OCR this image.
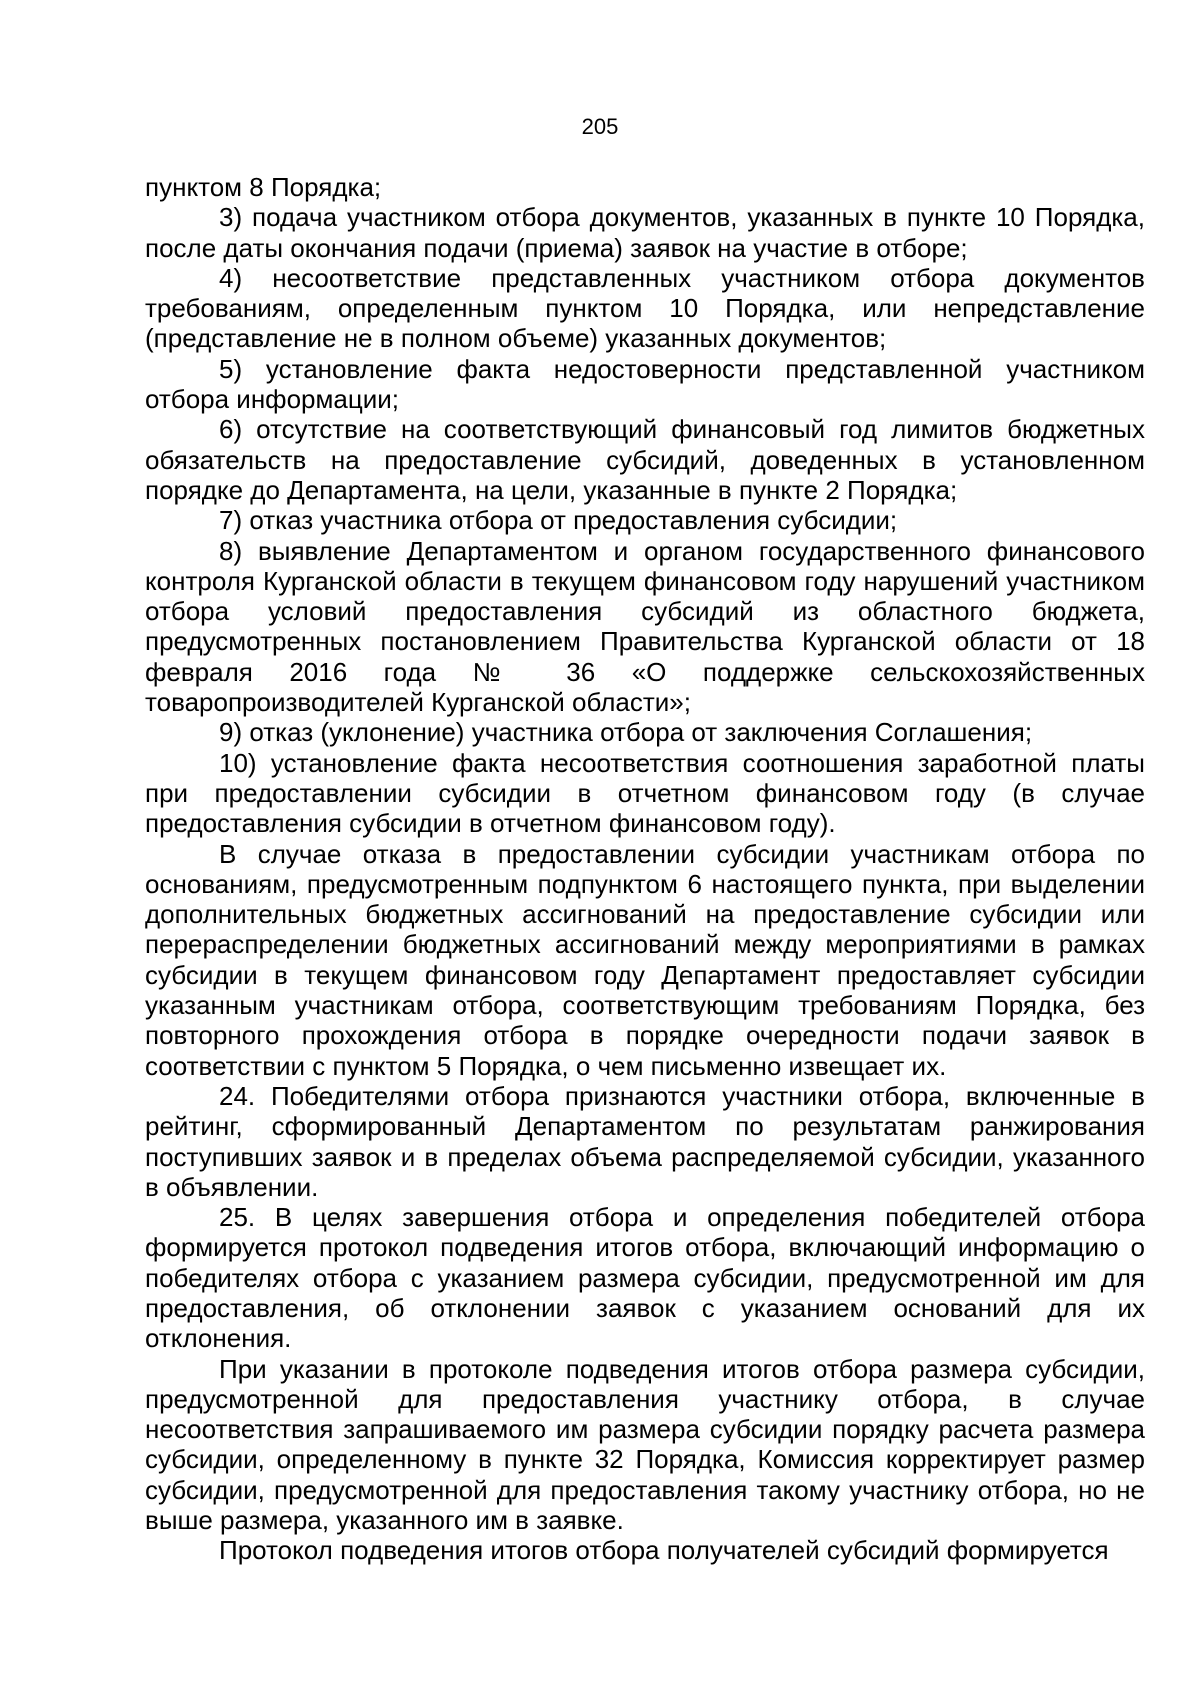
205

пунктом 8 Порядка;

3) подача участником отбора документов, указанных в пункте 10 Порядка, после даты окончания подачи (приема) заявок на участие в отборе;

4) несоответствие представленных участником отбора документов требованиям, определенным пунктом 10 Порядка, или непредставление (представление не в полном объеме) указанных документов;

5) установление факта недостоверности представленной участником отбора информации;

6) отсутствие на соответствующий финансовый год лимитов бюджетных обязательств на предоставление субсидий, доведенных в установленном порядке до Департамента, на цели, указанные в пункте 2 Порядка;

7) отказ участника отбора от предоставления субсидии;

8) выявление Департаментом и органом государственного финансового контроля Курганской области в текущем финансовом году нарушений участником отбора условий предоставления субсидий из областного бюджета, предусмотренных постановлением Правительства Курганской области от 18 февраля 2016 года № 36 «О поддержке сельскохозяйственных товаропроизводителей Курганской области»;

9) отказ (уклонение) участника отбора от заключения Соглашения;

10) установление факта несоответствия соотношения заработной платы при предоставлении субсидии в отчетном финансовом году (в случае предоставления субсидии в отчетном финансовом году).

В случае отказа в предоставлении субсидии участникам отбора по основаниям, предусмотренным подпунктом 6 настоящего пункта, при выделении дополнительных бюджетных ассигнований на предоставление субсидии или перераспределении бюджетных ассигнований между мероприятиями в рамках субсидии в текущем финансовом году Департамент предоставляет субсидии указанным участникам отбора, соответствующим требованиям Порядка, без повторного прохождения отбора в порядке очередности подачи заявок в соответствии с пунктом 5 Порядка, о чем письменно извещает их.

24. Победителями отбора признаются участники отбора, включенные в рейтинг, сформированный Департаментом по результатам ранжирования поступивших заявок и в пределах объема распределяемой субсидии, указанного в объявлении.

25. В целях завершения отбора и определения победителей отбора формируется протокол подведения итогов отбора, включающий информацию о победителях отбора с указанием размера субсидии, предусмотренной им для предоставления, об отклонении заявок с указанием оснований для их отклонения.

При указании в протоколе подведения итогов отбора размера субсидии, предусмотренной для предоставления участнику отбора, в случае несоответствия запрашиваемого им размера субсидии порядку расчета размера субсидии, определенному в пункте 32 Порядка, Комиссия корректирует размер субсидии, предусмотренной для предоставления такому участнику отбора, но не выше размера, указанного им в заявке.

Протокол подведения итогов отбора получателей субсидий формируется
